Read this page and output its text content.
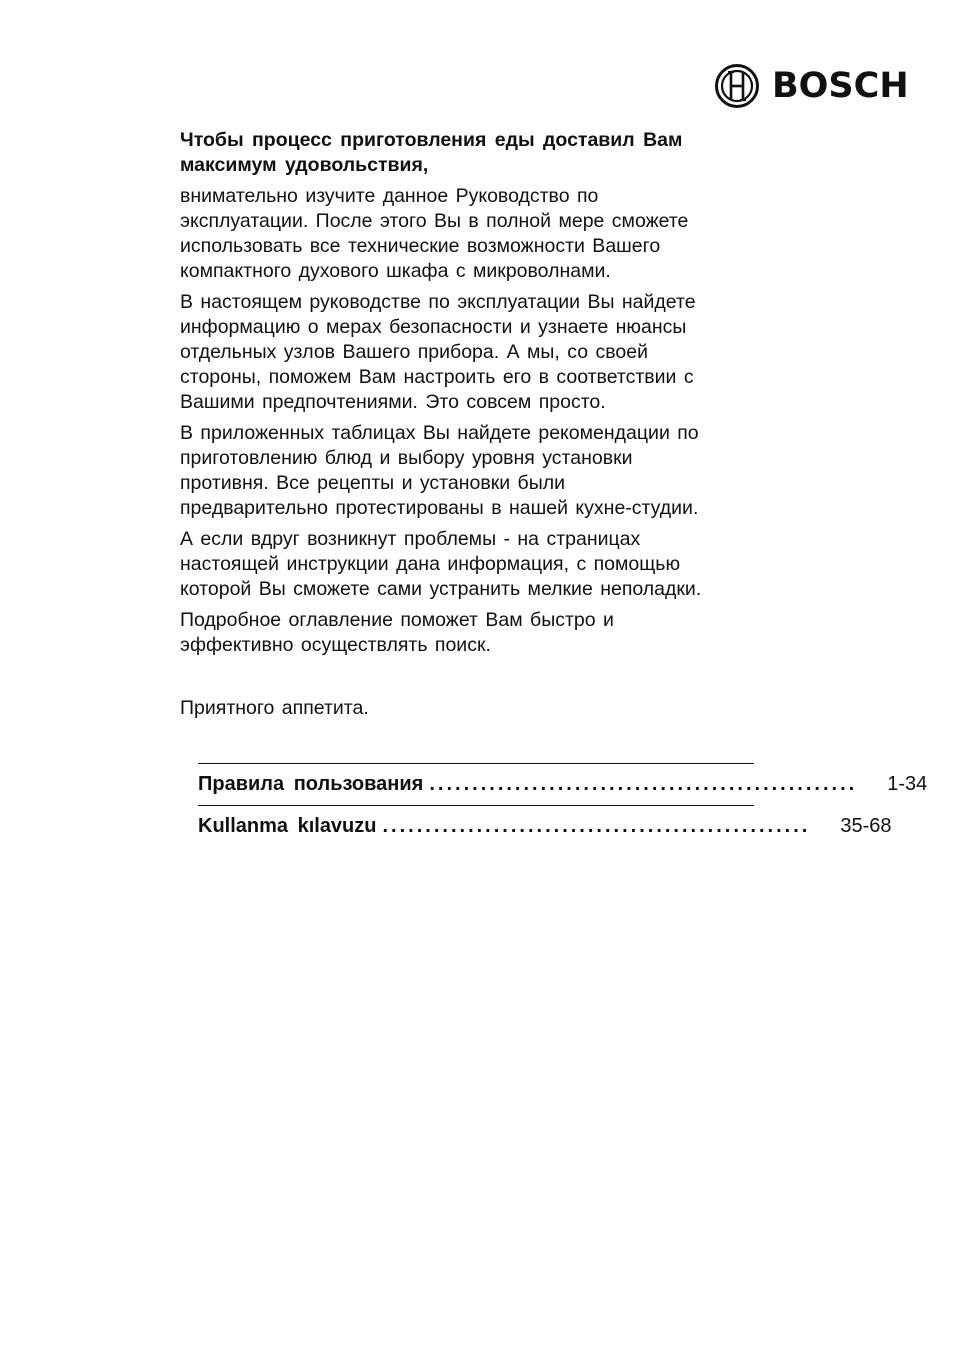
BOSCH
Чтобы процесс приготовления еды доставил Вам максимум удовольствия,
внимательно изучите данное Руководство по
эксплуатации. После этого Вы в полной мере сможете
использовать все технические возможности Вашего
компактного духового шкафа с микроволнами.
В настоящем руководстве по эксплуатации Вы найдете
информацию о мерах безопасности и узнаете нюансы
отдельных узлов Вашего прибора. А мы, со своей
стороны, поможем Вам настроить его в соответствии с
Вашими предпочтениями. Это совсем просто.
В приложенных таблицах Вы найдете рекомендации по
приготовлению блюд и выбору уровня установки
противня. Все рецепты и установки были
предварительно протестированы в нашей кухне-студии.
А если вдруг возникнут проблемы - на страницах
настоящей инструкции дана информация, с помощью
которой Вы сможете сами устранить мелкие неполадки.
Подробное оглавление поможет Вам быстро и
эффективно осуществлять поиск.
Приятного аппетита.
Правила пользования .................................................. 1-34
Kullanma kılavuzu .................................................. 35-68
